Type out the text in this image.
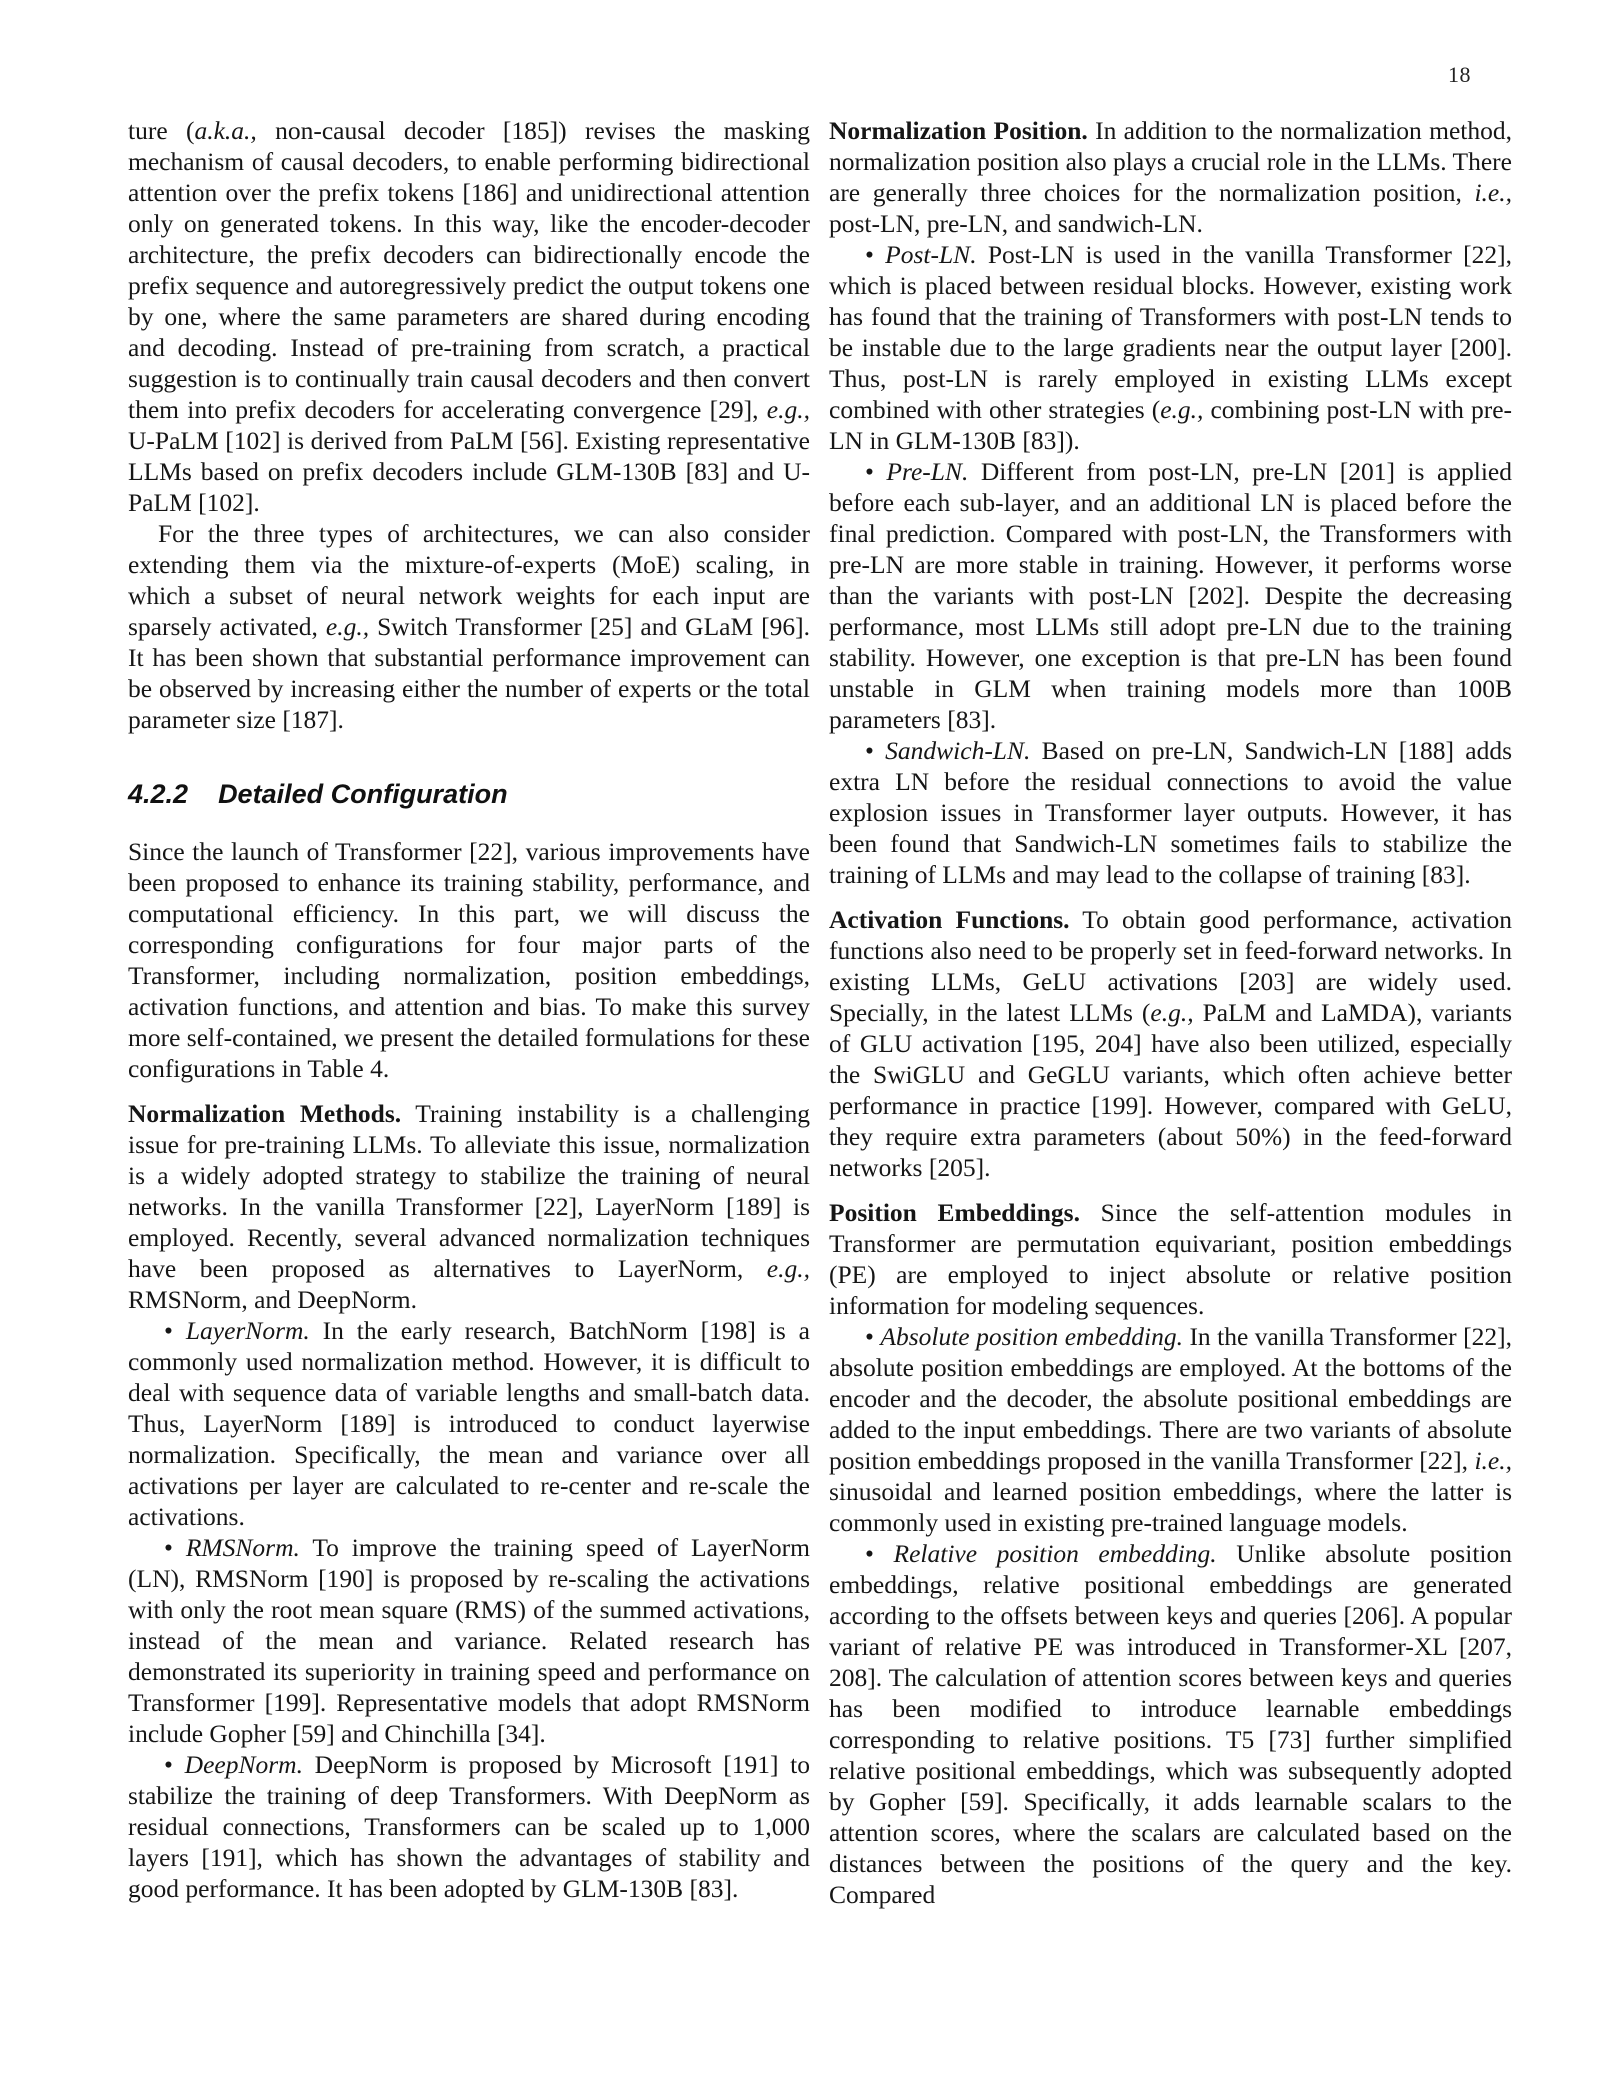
18

ture (a.k.a., non-causal decoder [185]) revises the masking mechanism of causal decoders, to enable performing bidirectional attention over the prefix tokens [186] and unidirectional attention only on generated tokens. In this way, like the encoder-decoder architecture, the prefix decoders can bidirectionally encode the prefix sequence and autoregressively predict the output tokens one by one, where the same parameters are shared during encoding and decoding. Instead of pre-training from scratch, a practical suggestion is to continually train causal decoders and then convert them into prefix decoders for accelerating convergence [29], e.g., U-PaLM [102] is derived from PaLM [56]. Existing representative LLMs based on prefix decoders include GLM-130B [83] and U-PaLM [102].

For the three types of architectures, we can also consider extending them via the mixture-of-experts (MoE) scaling, in which a subset of neural network weights for each input are sparsely activated, e.g., Switch Transformer [25] and GLaM [96]. It has been shown that substantial performance improvement can be observed by increasing either the number of experts or the total parameter size [187].

4.2.2 Detailed Configuration

Since the launch of Transformer [22], various improvements have been proposed to enhance its training stability, performance, and computational efficiency. In this part, we will discuss the corresponding configurations for four major parts of the Transformer, including normalization, position embeddings, activation functions, and attention and bias. To make this survey more self-contained, we present the detailed formulations for these configurations in Table 4.

Normalization Methods. Training instability is a challenging issue for pre-training LLMs. To alleviate this issue, normalization is a widely adopted strategy to stabilize the training of neural networks. In the vanilla Transformer [22], LayerNorm [189] is employed. Recently, several advanced normalization techniques have been proposed as alternatives to LayerNorm, e.g., RMSNorm, and DeepNorm.

• LayerNorm. In the early research, BatchNorm [198] is a commonly used normalization method. However, it is difficult to deal with sequence data of variable lengths and small-batch data. Thus, LayerNorm [189] is introduced to conduct layerwise normalization. Specifically, the mean and variance over all activations per layer are calculated to re-center and re-scale the activations.

• RMSNorm. To improve the training speed of LayerNorm (LN), RMSNorm [190] is proposed by re-scaling the activations with only the root mean square (RMS) of the summed activations, instead of the mean and variance. Related research has demonstrated its superiority in training speed and performance on Transformer [199]. Representative models that adopt RMSNorm include Gopher [59] and Chinchilla [34].

• DeepNorm. DeepNorm is proposed by Microsoft [191] to stabilize the training of deep Transformers. With DeepNorm as residual connections, Transformers can be scaled up to 1,000 layers [191], which has shown the advantages of stability and good performance. It has been adopted by GLM-130B [83].

Normalization Position. In addition to the normalization method, normalization position also plays a crucial role in the LLMs. There are generally three choices for the normalization position, i.e., post-LN, pre-LN, and sandwich-LN.

• Post-LN. Post-LN is used in the vanilla Transformer [22], which is placed between residual blocks. However, existing work has found that the training of Transformers with post-LN tends to be instable due to the large gradients near the output layer [200]. Thus, post-LN is rarely employed in existing LLMs except combined with other strategies (e.g., combining post-LN with pre-LN in GLM-130B [83]).

• Pre-LN. Different from post-LN, pre-LN [201] is applied before each sub-layer, and an additional LN is placed before the final prediction. Compared with post-LN, the Transformers with pre-LN are more stable in training. However, it performs worse than the variants with post-LN [202]. Despite the decreasing performance, most LLMs still adopt pre-LN due to the training stability. However, one exception is that pre-LN has been found unstable in GLM when training models more than 100B parameters [83].

• Sandwich-LN. Based on pre-LN, Sandwich-LN [188] adds extra LN before the residual connections to avoid the value explosion issues in Transformer layer outputs. However, it has been found that Sandwich-LN sometimes fails to stabilize the training of LLMs and may lead to the collapse of training [83].

Activation Functions. To obtain good performance, activation functions also need to be properly set in feed-forward networks. In existing LLMs, GeLU activations [203] are widely used. Specially, in the latest LLMs (e.g., PaLM and LaMDA), variants of GLU activation [195, 204] have also been utilized, especially the SwiGLU and GeGLU variants, which often achieve better performance in practice [199]. However, compared with GeLU, they require extra parameters (about 50%) in the feed-forward networks [205].

Position Embeddings. Since the self-attention modules in Transformer are permutation equivariant, position embeddings (PE) are employed to inject absolute or relative position information for modeling sequences.

• Absolute position embedding. In the vanilla Transformer [22], absolute position embeddings are employed. At the bottoms of the encoder and the decoder, the absolute positional embeddings are added to the input embeddings. There are two variants of absolute position embeddings proposed in the vanilla Transformer [22], i.e., sinusoidal and learned position embeddings, where the latter is commonly used in existing pre-trained language models.

• Relative position embedding. Unlike absolute position embeddings, relative positional embeddings are generated according to the offsets between keys and queries [206]. A popular variant of relative PE was introduced in Transformer-XL [207, 208]. The calculation of attention scores between keys and queries has been modified to introduce learnable embeddings corresponding to relative positions. T5 [73] further simplified relative positional embeddings, which was subsequently adopted by Gopher [59]. Specifically, it adds learnable scalars to the attention scores, where the scalars are calculated based on the distances between the positions of the query and the key. Compared
